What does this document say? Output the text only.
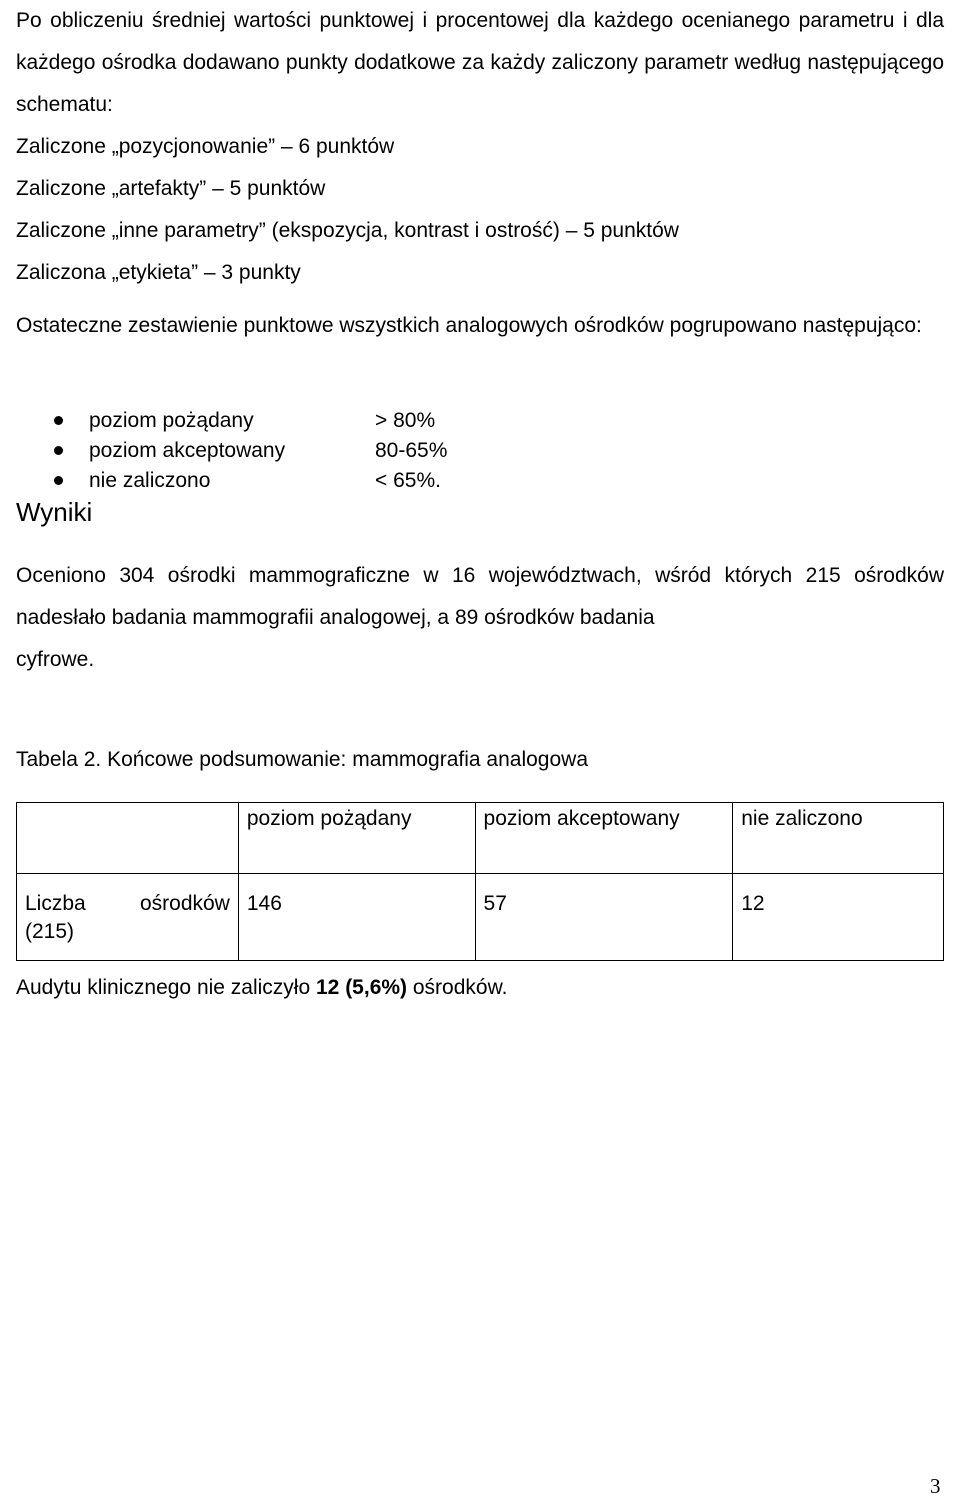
Po obliczeniu średniej wartości punktowej i procentowej dla każdego ocenianego parametru i dla każdego ośrodka dodawano punkty dodatkowe za każdy zaliczony parametr według następującego schematu:

Zaliczone „pozycjonowanie” – 6 punktów

Zaliczone „artefakty” – 5 punktów

Zaliczone „inne parametry” (ekspozycja, kontrast i ostrość) – 5 punktów

Zaliczona „etykieta” – 3 punkty

Ostateczne zestawienie punktowe wszystkich analogowych ośrodków pogrupowano następująco:

poziom pożądany	> 80%
poziom akceptowany	80-65%
nie zaliczono	< 65%.

Wyniki

Oceniono 304 ośrodki mammograficzne w 16 województwach, wśród których 215 ośrodków nadesłało badania mammografii analogowej, a 89 ośrodków badania
cyfrowe.

Tabela 2. Końcowe podsumowanie: mammografia analogowa

	poziom pożądany	poziom akceptowany	nie zaliczono

Liczba ośrodków
(215)	146	57	12

Audytu klinicznego nie zaliczyło 12 (5,6%) ośrodków.

3
